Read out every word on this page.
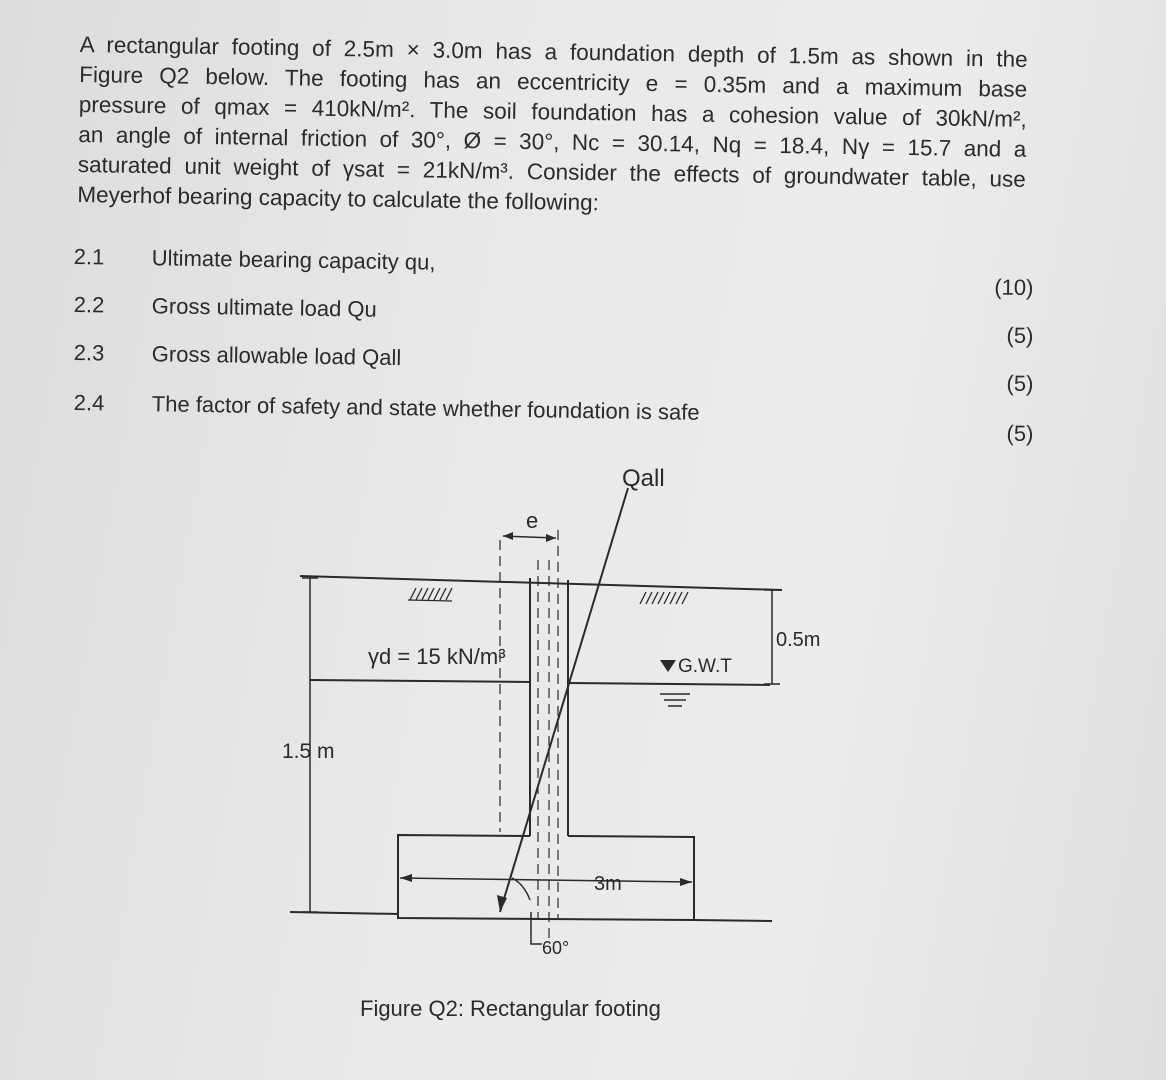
A rectangular footing of 2.5m × 3.0m has a foundation depth of 1.5m as shown in the
Figure Q2 below. The footing has an eccentricity e = 0.35m and a maximum base
pressure of qmax = 410kN/m². The soil foundation has a cohesion value of 30kN/m²,
an angle of internal friction of 30°, Ø = 30°, Nc = 30.14, Nq = 18.4, Nγ = 15.7 and a
saturated unit weight of γsat = 21kN/m³. Consider the effects of groundwater table, use
Meyerhof bearing capacity to calculate the following:
2.1 Ultimate bearing capacity qu,
(10)
2.2 Gross ultimate load Qu
(5)
2.3 Gross allowable load Qall
(5)
2.4 The factor of safety and state whether foundation is safe
(5)
Qall
e
γd = 15 kN/m³	G.W.T
0.5m
1.5 m
3m
60°
Figure Q2: Rectangular footing
